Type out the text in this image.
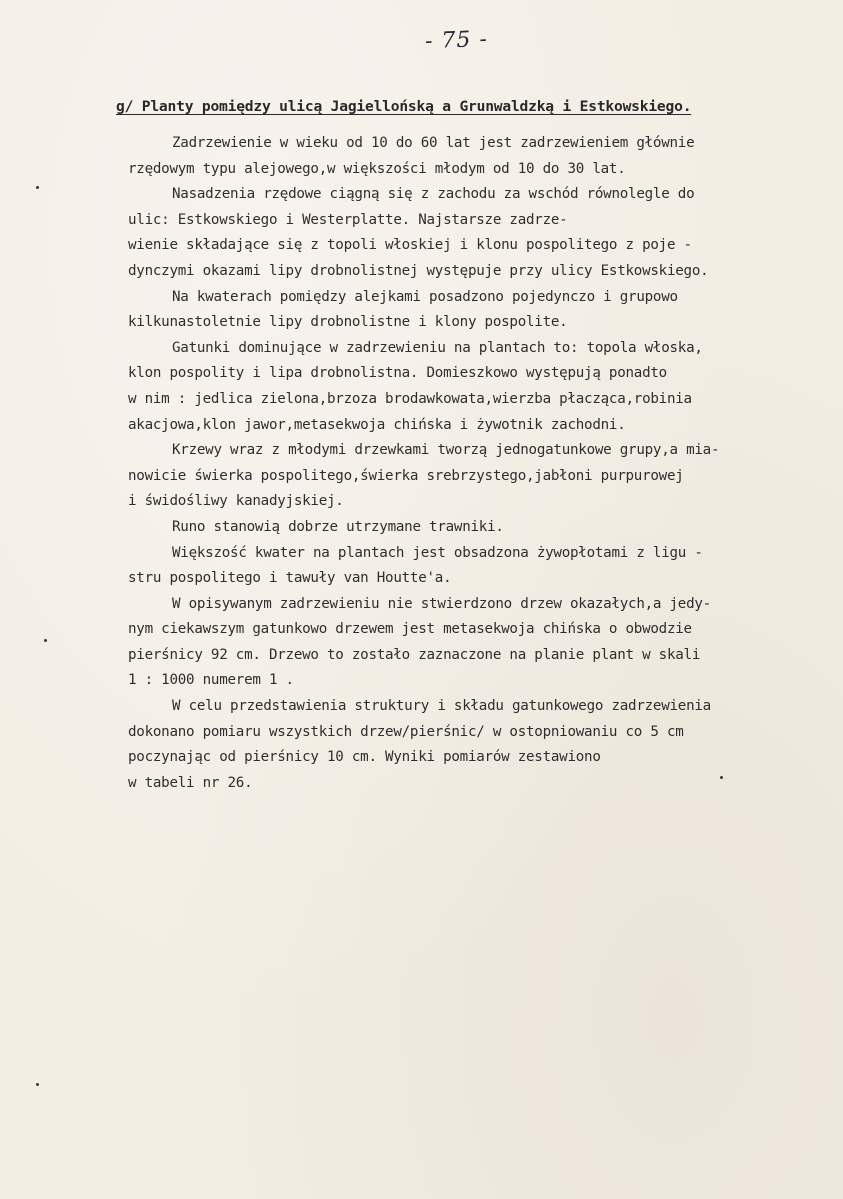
- 75 -
g/ Planty pomiędzy ulicą Jagiellońską a Grunwaldzką i Estkowskiego.
Zadrzewienie w wieku od 10 do 60 lat jest zadrzewieniem głównie
rzędowym typu alejowego,w większości młodym od 10 do 30 lat.
Nasadzenia rzędowe ciągną się z zachodu za wschód równolegle do
ulic: Estkowskiego i Westerplatte. Najstarsze zadrze-
wienie składające się z topoli włoskiej i klonu pospolitego z poje -
dynczymi okazami lipy drobnolistnej występuje przy ulicy Estkowskiego.
Na kwaterach pomiędzy alejkami posadzono pojedynczo i grupowo
kilkunastoletnie lipy drobnolistne i klony pospolite.
Gatunki dominujące w zadrzewieniu na plantach to: topola włoska,
klon pospolity i lipa drobnolistna. Domieszkowo występują ponadto
w nim : jedlica zielona,brzoza brodawkowata,wierzba płacząca,robinia
akacjowa,klon jawor,metasekwoja chińska i żywotnik zachodni.
Krzewy wraz z młodymi drzewkami tworzą jednogatunkowe grupy,a mia-
nowicie świerka pospolitego,świerka srebrzystego,jabłoni purpurowej
i świdośliwy kanadyjskiej.
Runo stanowią dobrze utrzymane trawniki.
Większość kwater na plantach jest obsadzona żywopłotami z ligu -
stru pospolitego i tawuły van Houtte'a.
W opisywanym zadrzewieniu nie stwierdzono drzew okazałych,a jedy-
nym ciekawszym gatunkowo drzewem jest metasekwoja chińska o obwodzie
pierśnicy 92 cm. Drzewo to zostało zaznaczone na planie plant w skali
1 : 1000 numerem 1 .
W celu przedstawienia struktury i składu gatunkowego zadrzewienia
dokonano pomiaru wszystkich drzew/pierśnic/ w ostopniowaniu co 5 cm
poczynając od pierśnicy 10 cm. Wyniki pomiarów zestawiono
w tabeli nr 26.
